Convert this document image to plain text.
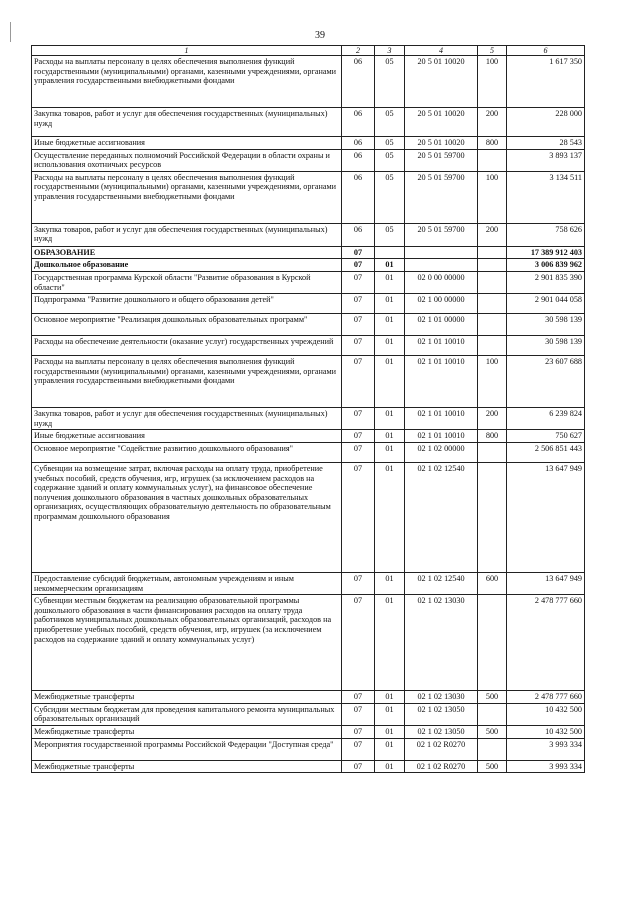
39
1	2	3	4	5	6
Расходы на выплаты персоналу в целях обеспечения выполнения функций государственными (муниципальными) органами, казенными учреждениями, органами управления государственными внебюджетными фондами	06	05	20 5 01 10020	100	1 617 350
Закупка товаров, работ и услуг для обеспечения государственных (муниципальных) нужд	06	05	20 5 01 10020	200	228 000
Иные бюджетные ассигнования	06	05	20 5 01 10020	800	28 543
Осуществление переданных полномочий Российской Федерации в области охраны и использования охотничьих ресурсов	06	05	20 5 01 59700		3 893 137
Расходы на выплаты персоналу в целях обеспечения выполнения функций государственными (муниципальными) органами, казенными учреждениями, органами управления государственными внебюджетными фондами	06	05	20 5 01 59700	100	3 134 511
Закупка товаров, работ и услуг для обеспечения государственных (муниципальных) нужд	06	05	20 5 01 59700	200	758 626
ОБРАЗОВАНИЕ	07				17 389 912 403
Дошкольное образование	07	01			3 006 839 962
Государственная программа Курской области "Развитие образования в Курской области"	07	01	02 0 00 00000		2 901 835 390
Подпрограмма "Развитие дошкольного и общего образования детей"	07	01	02 1 00 00000		2 901 044 058
Основное мероприятие "Реализация дошкольных образовательных программ"	07	01	02 1 01 00000		30 598 139
Расходы на обеспечение деятельности (оказание услуг) государственных учреждений	07	01	02 1 01 10010		30 598 139
Расходы на выплаты персоналу в целях обеспечения выполнения функций государственными (муниципальными) органами, казенными учреждениями, органами управления государственными внебюджетными фондами	07	01	02 1 01 10010	100	23 607 688
Закупка товаров, работ и услуг для обеспечения государственных (муниципальных) нужд	07	01	02 1 01 10010	200	6 239 824
Иные бюджетные ассигнования	07	01	02 1 01 10010	800	750 627
Основное мероприятие "Содействие развитию дошкольного образования"	07	01	02 1 02 00000		2 506 851 443
Субвенции на возмещение затрат, включая расходы на оплату труда, приобретение учебных пособий, средств обучения, игр, игрушек (за исключением расходов на содержание зданий и оплату коммунальных услуг), на финансовое обеспечение получения дошкольного образования в частных дошкольных образовательных организациях, осуществляющих образовательную деятельность по образовательным программам дошкольного образования	07	01	02 1 02 12540		13 647 949
Предоставление субсидий бюджетным, автономным учреждениям и иным некоммерческим организациям	07	01	02 1 02 12540	600	13 647 949
Субвенции местным бюджетам на реализацию образовательной программы дошкольного образования в части финансирования расходов на оплату труда работников муниципальных дошкольных образовательных организаций, расходов на приобретение учебных пособий, средств обучения, игр, игрушек (за исключением расходов на содержание зданий и оплату коммунальных услуг)	07	01	02 1 02 13030		2 478 777 660
Межбюджетные трансферты	07	01	02 1 02 13030	500	2 478 777 660
Субсидии местным бюджетам для проведения капитального ремонта муниципальных образовательных организаций	07	01	02 1 02 13050		10 432 500
Межбюджетные трансферты	07	01	02 1 02 13050	500	10 432 500
Мероприятия государственной программы Российской Федерации "Доступная среда"	07	01	02 1 02 R0270		3 993 334
Межбюджетные трансферты	07	01	02 1 02 R0270	500	3 993 334
